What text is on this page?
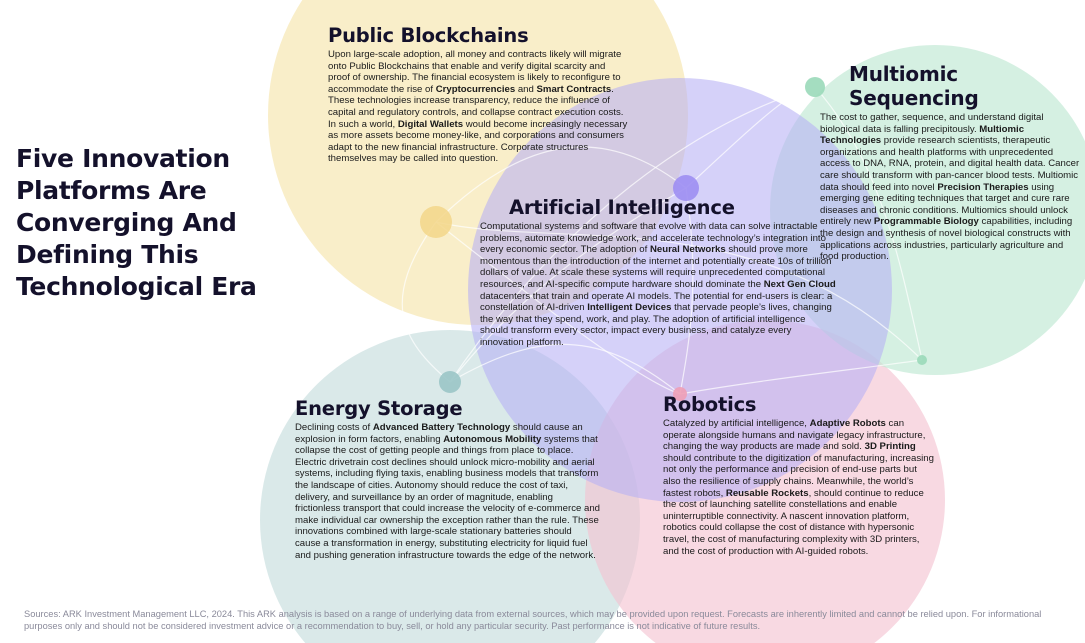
Five Innovation Platforms Are Converging And Defining This Technological Era
Public Blockchains

Upon large-scale adoption, all money and contracts likely will migrate onto Public Blockchains that enable and verify digital scarcity and proof of ownership. The financial ecosystem is likely to reconfigure to accommodate the rise of Cryptocurrencies and Smart Contracts. These technologies increase transparency, reduce the influence of capital and regulatory controls, and collapse contract execution costs. In such a world, Digital Wallets would become increasingly necessary as more assets become money-like, and corporations and consumers adapt to the new financial infrastructure. Corporate structures themselves may be called into question.

Multiomic Sequencing

The cost to gather, sequence, and understand digital biological data is falling precipitously. Multiomic Technologies provide research scientists, therapeutic organizations and health platforms with unprecedented access to DNA, RNA, protein, and digital health data. Cancer care should transform with pan-cancer blood tests. Multiomic data should feed into novel Precision Therapies using emerging gene editing techniques that target and cure rare diseases and chronic conditions. Multiomics should unlock entirely new Programmable Biology capabilities, including the design and synthesis of novel biological constructs with applications across industries, particularly agriculture and food production.

Artificial Intelligence

Computational systems and software that evolve with data can solve intractable problems, automate knowledge work, and accelerate technology’s integration into every economic sector. The adoption of Neural Networks should prove more momentous than the introduction of the internet and potentially create 10s of trillion dollars of value. At scale these systems will require unprecedented computational resources, and AI-specific compute hardware should dominate the Next Gen Cloud datacenters that train and operate AI models. The potential for end-users is clear: a constellation of AI-driven Intelligent Devices that pervade people’s lives, changing the way that they spend, work, and play. The adoption of artificial intelligence should transform every sector, impact every business, and catalyze every innovation platform.

Energy Storage

Declining costs of Advanced Battery Technology should cause an explosion in form factors, enabling Autonomous Mobility systems that collapse the cost of getting people and things from place to place. Electric drivetrain cost declines should unlock micro-mobility and aerial systems, including flying taxis, enabling business models that transform the landscape of cities. Autonomy should reduce the cost of taxi, delivery, and surveillance by an order of magnitude, enabling frictionless transport that could increase the velocity of e-commerce and make individual car ownership the exception rather than the rule. These innovations combined with large-scale stationary batteries should cause a transformation in energy, substituting electricity for liquid fuel and pushing generation infrastructure towards the edge of the network.

Robotics

Catalyzed by artificial intelligence, Adaptive Robots can operate alongside humans and navigate legacy infrastructure, changing the way products are made and sold. 3D Printing should contribute to the digitization of manufacturing, increasing not only the performance and precision of end-use parts but also the resilience of supply chains. Meanwhile, the world’s fastest robots, Reusable Rockets, should continue to reduce the cost of launching satellite constellations and enable uninterruptible connectivity. A nascent innovation platform, robotics could collapse the cost of distance with hypersonic travel, the cost of manufacturing complexity with 3D printers, and the cost of production with AI-guided robots.

Sources: ARK Investment Management LLC, 2024. This ARK analysis is based on a range of underlying data from external sources, which may be provided upon request. Forecasts are inherently limited and cannot be relied upon. For informational purposes only and should not be considered investment advice or a recommendation to buy, sell, or hold any particular security. Past performance is not indicative of future results.
